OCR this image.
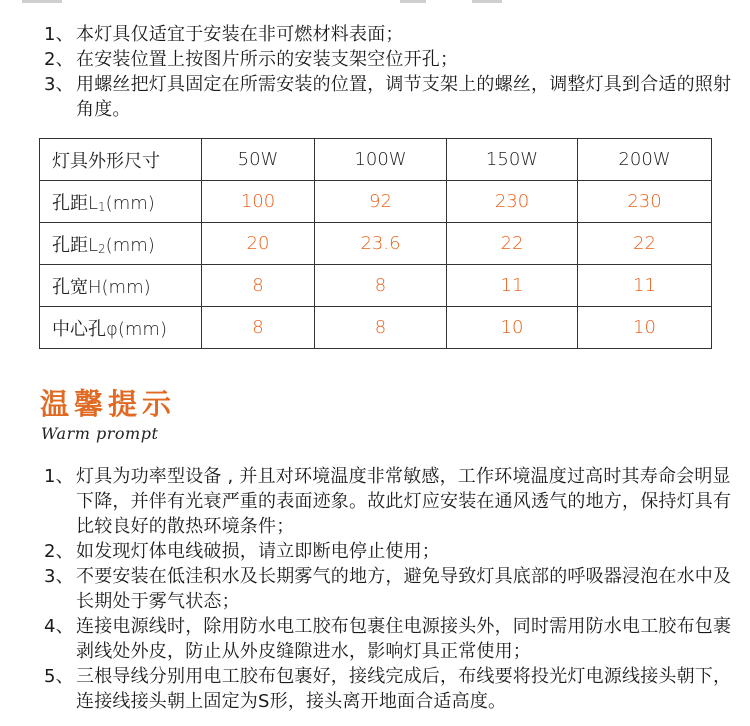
1、 本灯具仅适宜于安装在非可燃材料表面；
2、 在安装位置上按图片所示的安装支架空位开孔；
3、 用螺丝把灯具固定在所需安装的位置，调节支架上的螺丝，调整灯具到合适的照射角度。
灯具外形尺寸	50W	100W	150W	200W
孔距L1(mm)	100	92	230	230
孔距L2(mm)	20	23.6	22	22
孔宽H(mm)	8	8	11	11
中心孔φ(mm)	8	8	10	10
温馨提示
Warm prompt
1、 灯具为功率型设备 , 并且对环境温度非常敏感，工作环境温度过高时其寿命会明显下降，并伴有光衰严重的表面迹象。故此灯应安装在通风透气的地方，保持灯具有比较良好的散热环境条件；
2、 如发现灯体电线破损，请立即断电停止使用；
3、 不要安装在低洼积水及长期雾气的地方，避免导致灯具底部的呼吸器浸泡在水中及长期处于雾气状态；
4、 连接电源线时，除用防水电工胶布包裹住电源接头外，同时需用防水电工胶布包裹剥线处外皮，防止从外皮缝隙进水，影响灯具正常使用；
5、 三根导线分别用电工胶布包裹好，接线完成后，布线要将投光灯电源线接头朝下，连接线接头朝上固定为S形，接头离开地面合适高度。
